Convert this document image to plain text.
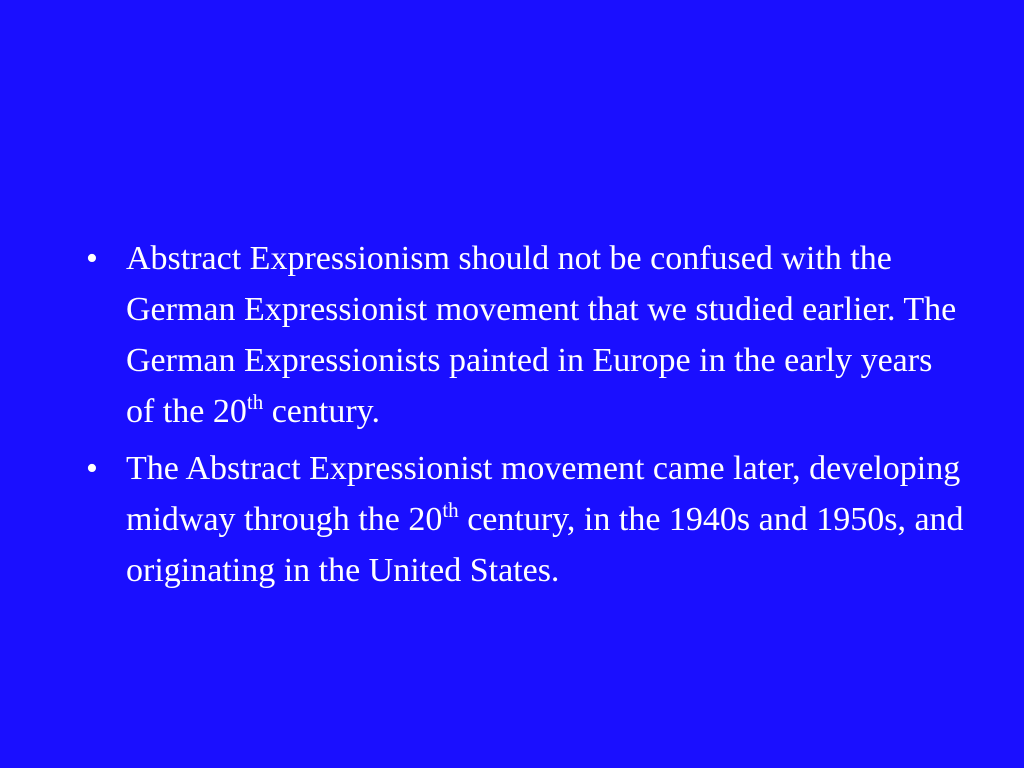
• Abstract Expressionism should not be confused with the German Expressionist movement that we studied earlier. The German Expressionists painted in Europe in the early years of the 20th century.
• The Abstract Expressionist movement came later, developing midway through the 20th century, in the 1940s and 1950s, and originating in the United States.
